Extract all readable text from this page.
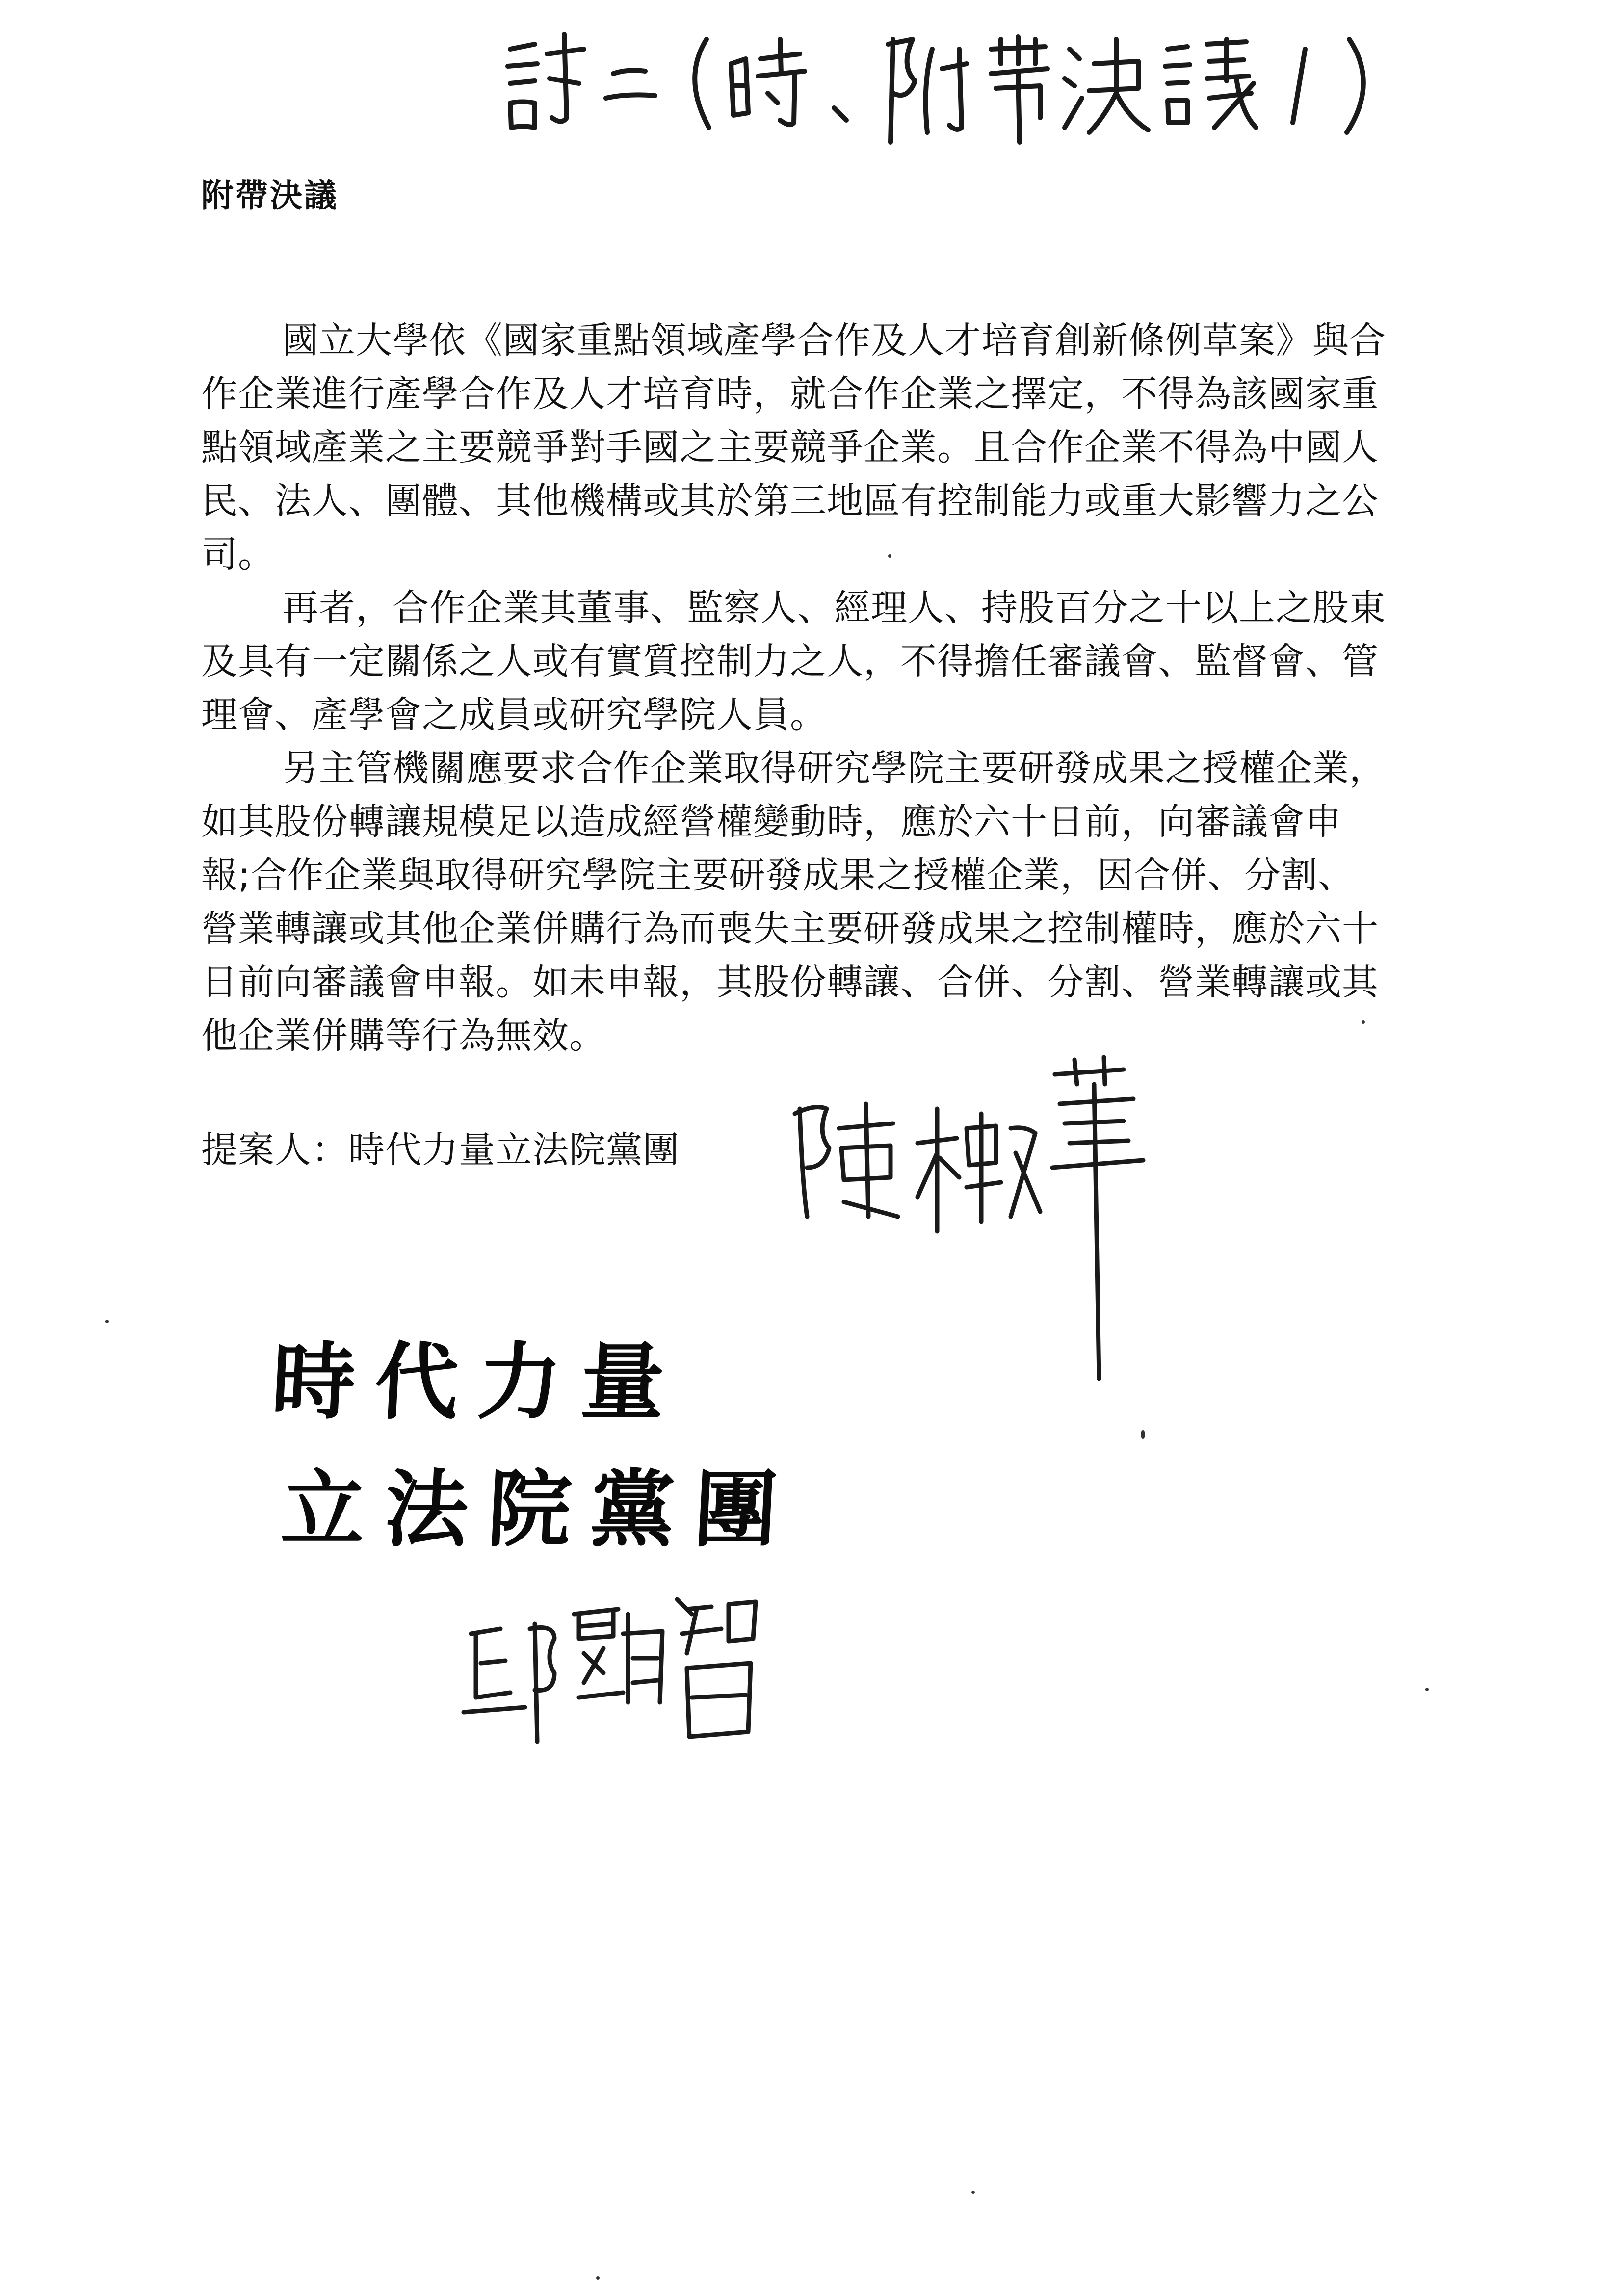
附帶決議

國立大學依《國家重點領域產學合作及人才培育創新條例草案》與合
作企業進行產學合作及人才培育時，就合作企業之擇定，不得為該國家重
點領域產業之主要競爭對手國之主要競爭企業。且合作企業不得為中國人
民、法人、團體、其他機構或其於第三地區有控制能力或重大影響力之公
司。

再者，合作企業其董事、監察人、經理人、持股百分之十以上之股東
及具有一定關係之人或有實質控制力之人，不得擔任審議會、監督會、管
理會、產學會之成員或研究學院人員。

另主管機關應要求合作企業取得研究學院主要研發成果之授權企業，
如其股份轉讓規模足以造成經營權變動時，應於六十日前，向審議會申
報;合作企業與取得研究學院主要研發成果之授權企業，因合併、分割、
營業轉讓或其他企業併購行為而喪失主要研發成果之控制權時，應於六十
日前向審議會申報。如未申報，其股份轉讓、合併、分割、營業轉讓或其
他企業併購等行為無效。

提案人：時代力量立法院黨團

時代力量

立法院黨團
